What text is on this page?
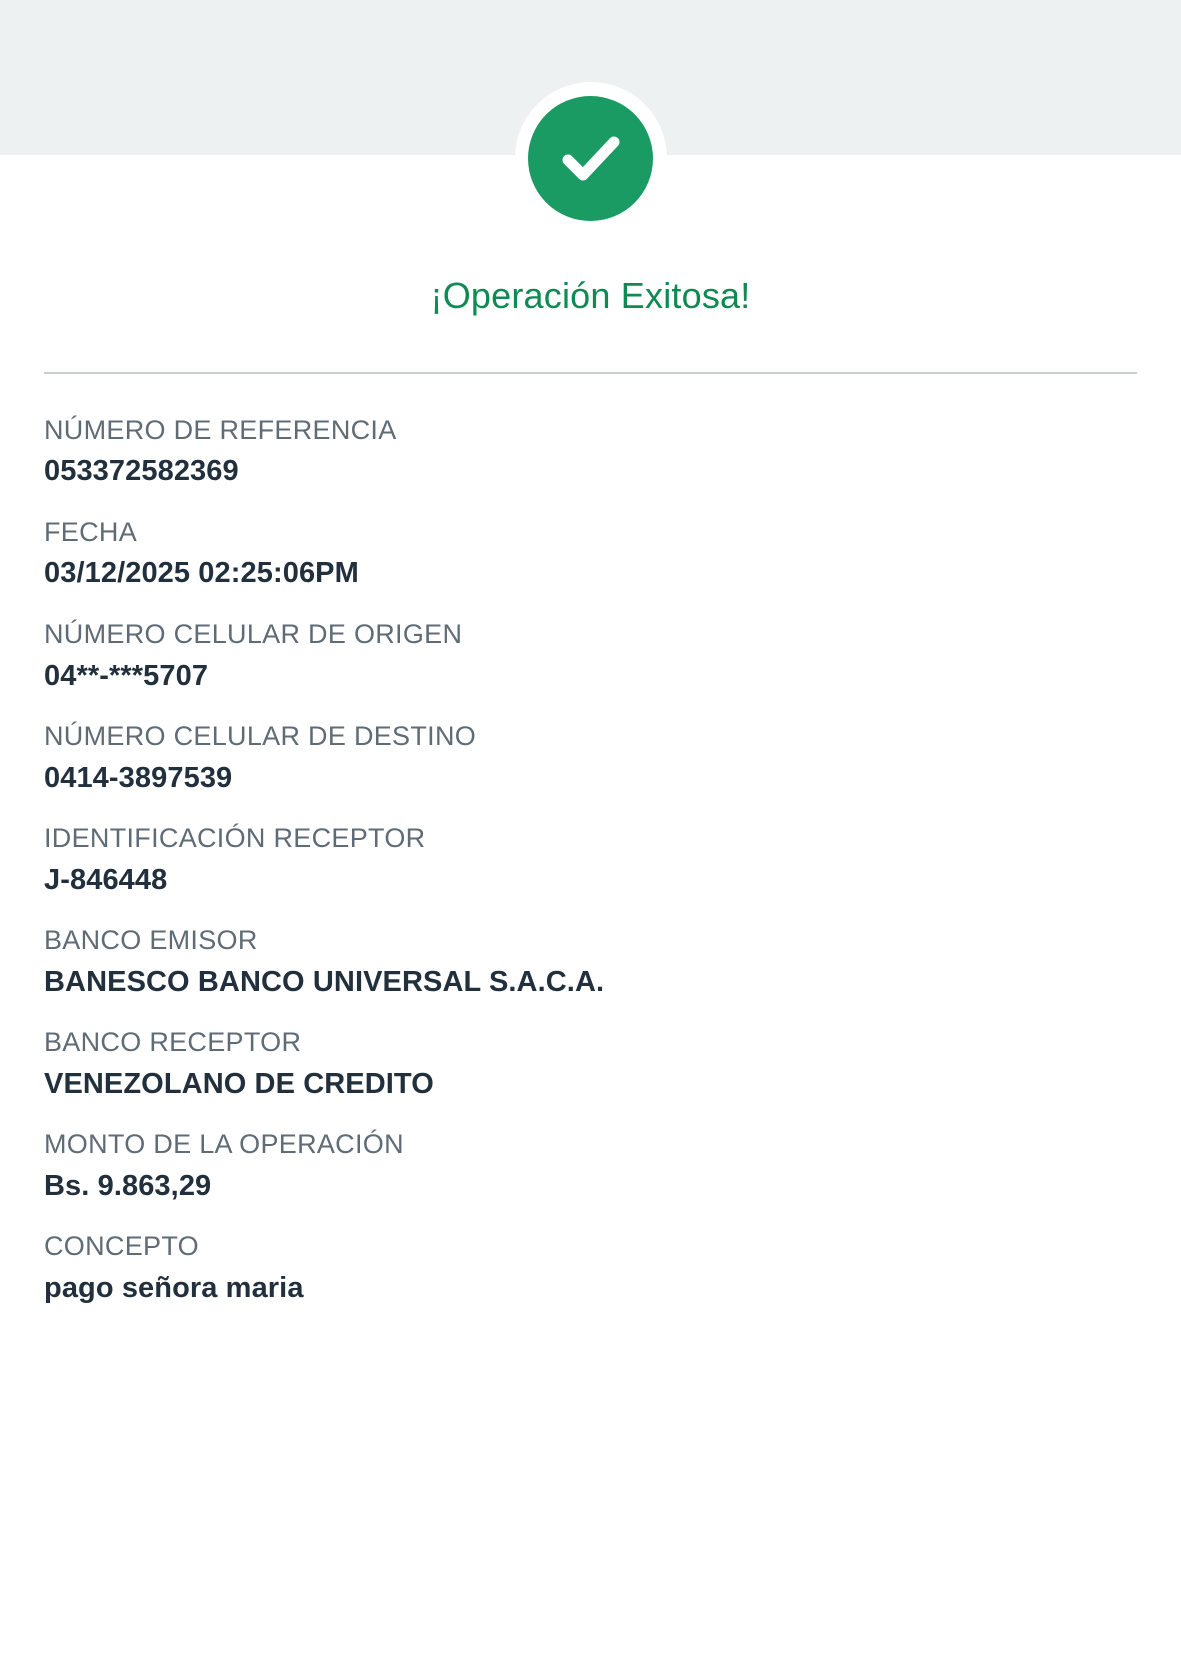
¡Operación Exitosa!
NÚMERO DE REFERENCIA
053372582369
FECHA
03/12/2025 02:25:06PM
NÚMERO CELULAR DE ORIGEN
04**-***5707
NÚMERO CELULAR DE DESTINO
0414-3897539
IDENTIFICACIÓN RECEPTOR
J-846448
BANCO EMISOR
BANESCO BANCO UNIVERSAL S.A.C.A.
BANCO RECEPTOR
VENEZOLANO DE CREDITO
MONTO DE LA OPERACIÓN
Bs. 9.863,29
CONCEPTO
pago señora maria
